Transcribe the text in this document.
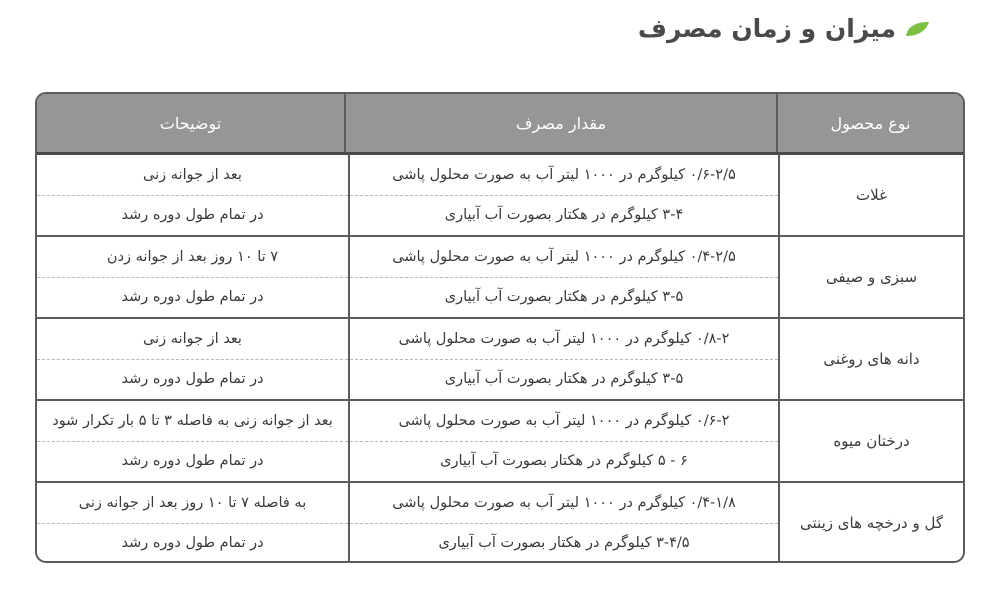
میزان و زمان مصرف
نوع محصول
مقدار مصرف
توضیحات
غلات
۰/۶-۲/۵ کیلوگرم در ۱۰۰۰ لیتر آب به صورت محلول پاشی
۳-۴ کیلوگرم در هکتار بصورت آب آبیاری
بعد از جوانه زنی
در تمام طول دوره رشد
سبزی و صیفی
۰/۴-۲/۵ کیلوگرم در ۱۰۰۰ لیتر آب به صورت محلول پاشی
۳-۵ کیلوگرم در هکتار بصورت آب آبیاری
۷ تا ۱۰ روز بعد از جوانه زدن
در تمام طول دوره رشد
دانه های روغنی
۰/۸-۲ کیلوگرم در ۱۰۰۰ لیتر آب به صورت محلول پاشی
۳-۵ کیلوگرم در هکتار بصورت آب آبیاری
بعد از جوانه زنی
در تمام طول دوره رشد
درختان میوه
۰/۶-۲ کیلوگرم در ۱۰۰۰ لیتر آب به صورت محلول پاشی
۶ - ۵ کیلوگرم در هکتار بصورت آب آبیاری
بعد از جوانه زنی به فاصله ۳ تا ۵ بار تکرار شود
در تمام طول دوره رشد
گل و درخچه های زینتی
۰/۴-۱/۸ کیلوگرم در ۱۰۰۰ لیتر آب به صورت محلول پاشی
۳-۴/۵ کیلوگرم در هکتار بصورت آب آبیاری
به فاصله ۷ تا ۱۰ روز بعد از جوانه زنی
در تمام طول دوره رشد
